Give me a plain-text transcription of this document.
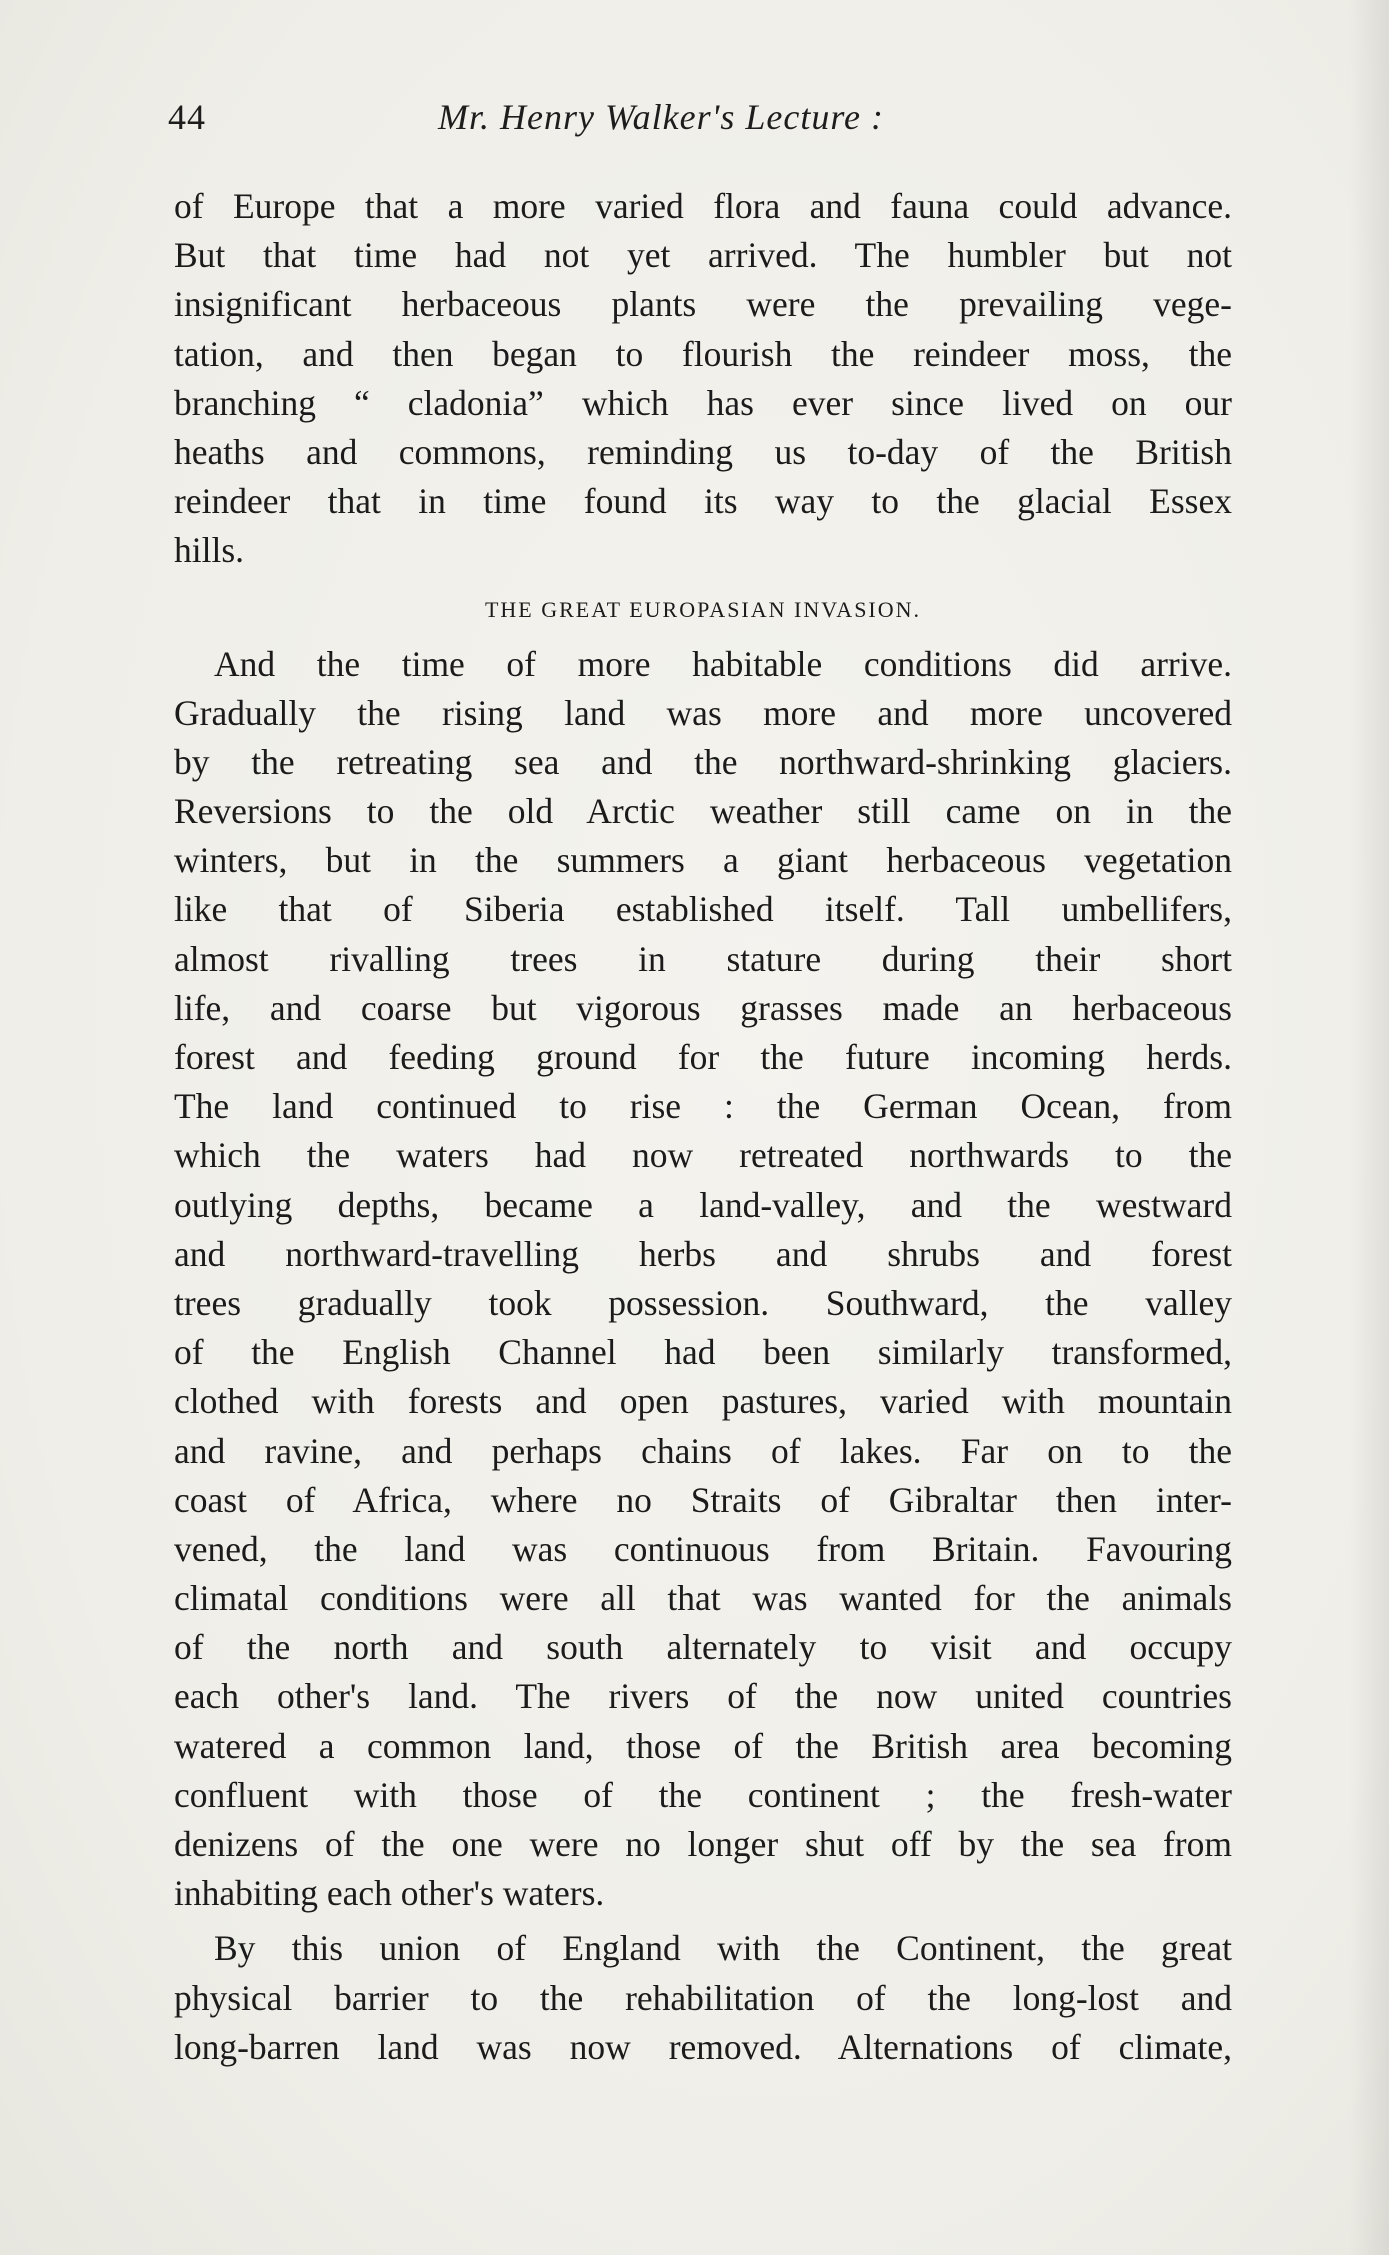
44	Mr. Henry Walker's Lecture :
of Europe that a more varied flora and fauna could advance.
But that time had not yet arrived. The humbler but not
insignificant herbaceous plants were the prevailing vege-
tation, and then began to flourish the reindeer moss, the
branching “ cladonia” which has ever since lived on our
heaths and commons, reminding us to-day of the British
reindeer that in time found its way to the glacial Essex
hills.
THE GREAT EUROPASIAN INVASION.
And the time of more habitable conditions did arrive.
Gradually the rising land was more and more uncovered
by the retreating sea and the northward-shrinking glaciers.
Reversions to the old Arctic weather still came on in the
winters, but in the summers a giant herbaceous vegetation
like that of Siberia established itself. Tall umbellifers,
almost rivalling trees in stature during their short
life, and coarse but vigorous grasses made an herbaceous
forest and feeding ground for the future incoming herds.
The land continued to rise : the German Ocean, from
which the waters had now retreated northwards to the
outlying depths, became a land-valley, and the westward
and northward-travelling herbs and shrubs and forest
trees gradually took possession. Southward, the valley
of the English Channel had been similarly transformed,
clothed with forests and open pastures, varied with mountain
and ravine, and perhaps chains of lakes. Far on to the
coast of Africa, where no Straits of Gibraltar then inter-
vened, the land was continuous from Britain. Favouring
climatal conditions were all that was wanted for the animals
of the north and south alternately to visit and occupy
each other's land. The rivers of the now united countries
watered a common land, those of the British area becoming
confluent with those of the continent ; the fresh-water
denizens of the one were no longer shut off by the sea from
inhabiting each other's waters.
By this union of England with the Continent, the great
physical barrier to the rehabilitation of the long-lost and
long-barren land was now removed. Alternations of climate,
